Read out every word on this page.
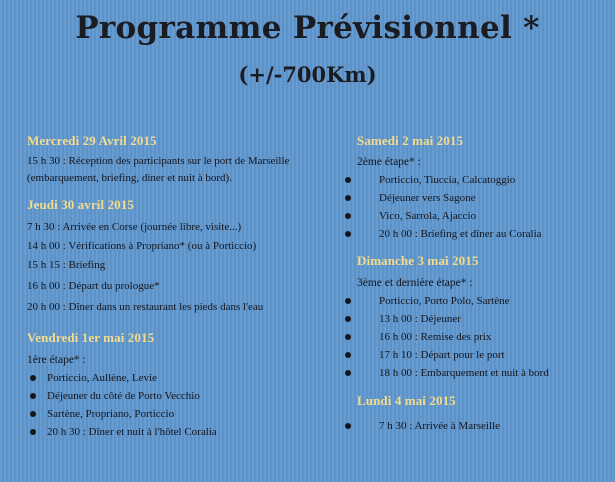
Programme Prévisionnel *
(+/-700Km)
Mercredi 29 Avril 2015
15 h 30 : Réception des participants sur le port de Marseille
(embarquement, briefing, diner et nuit à bord).
Jeudi 30 avril 2015
7 h 30 : Arrivée en Corse (journée libre, visite...)
14 h 00 : Vérifications à Propriano* (ou à Porticcio)
15 h 15 : Briefing
16 h 00 : Départ du prologue*
20 h 00 : Dîner dans un restaurant les pieds dans l'eau
Vendredi 1er mai 2015
1ère étape* :
Porticcio, Aullène, Levie
Déjeuner du côté de Porto Vecchio
Sartène, Propriano, Porticcio
20 h 30 : Dîner et nuit à l'hôtel Coralia
Samedi 2 mai 2015
2ème étape* :
Porticcio, Tiuccia, Calcatoggio
Déjeuner vers Sagone
Vico, Sarrola, Ajaccio
20 h 00 : Briefing et dîner au Coralia
Dimanche 3 mai 2015
3ème et dernière étape* :
Porticcio, Porto Polo, Sartène
13 h 00 : Déjeuner
16 h 00 : Remise des prix
17 h 10 : Départ pour le port
18 h 00 : Embarquement et nuit à bord
Lundi 4 mai 2015
7 h 30 : Arrivée à Marseille
